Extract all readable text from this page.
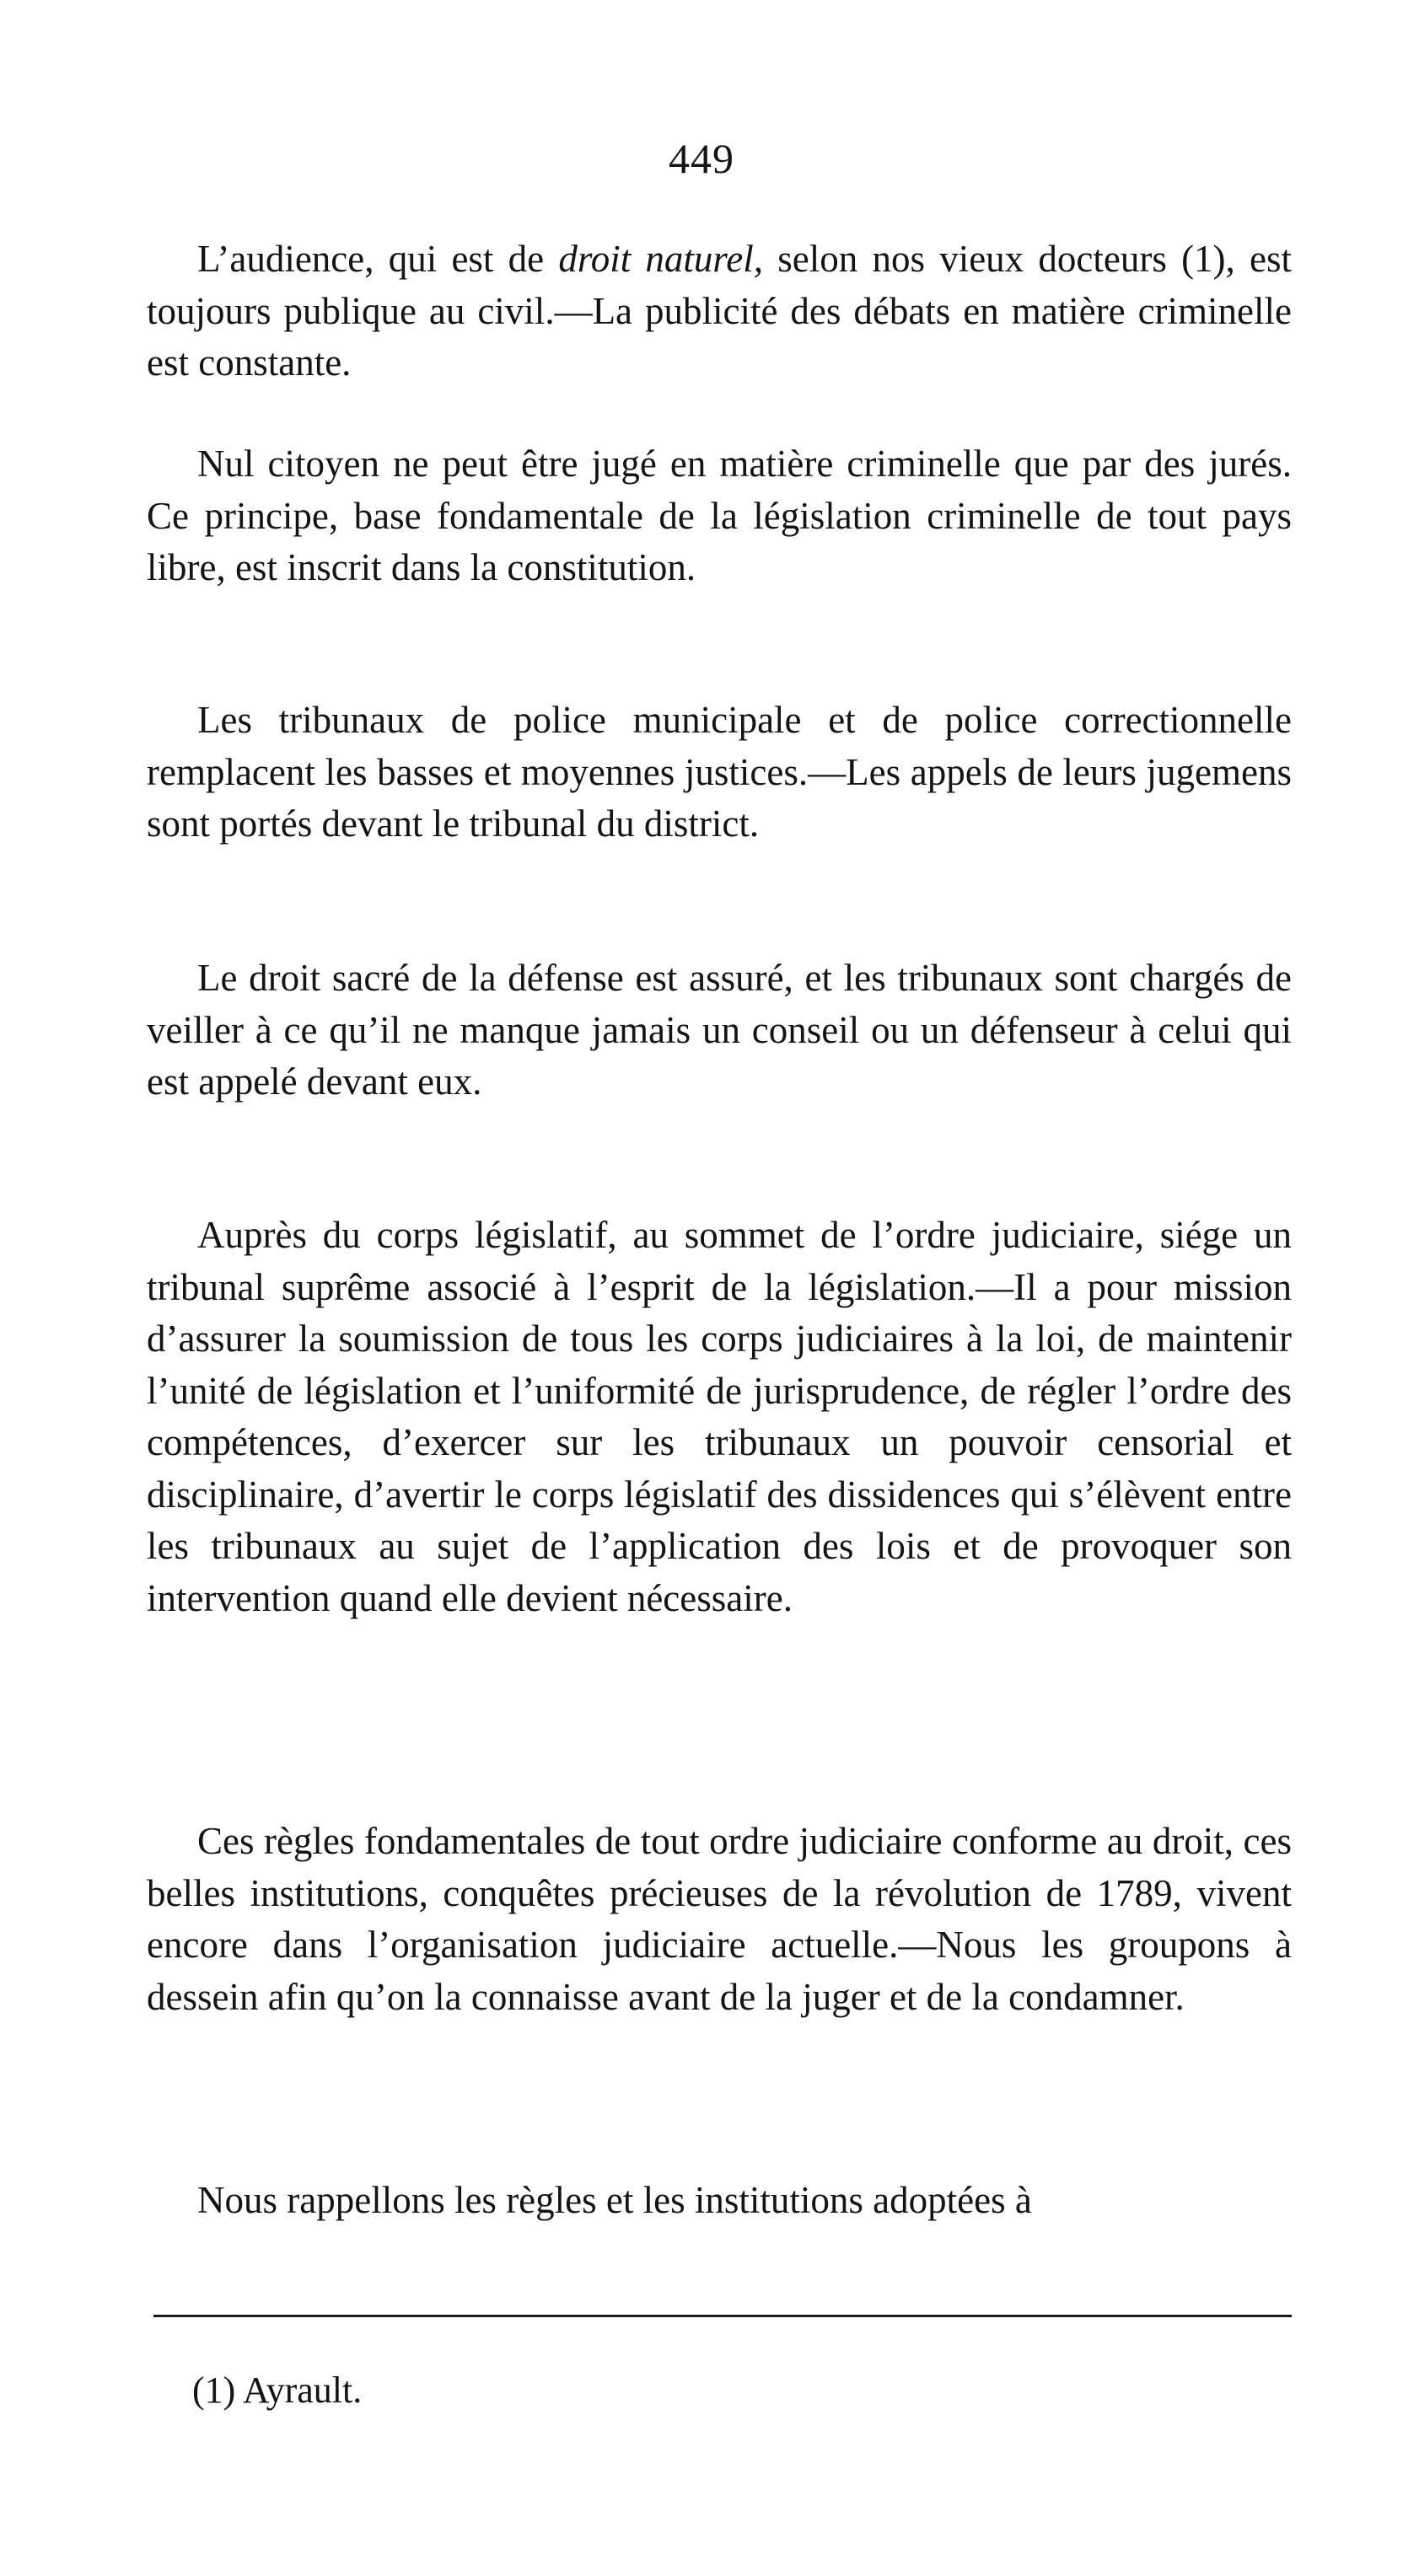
449

L’audience, qui est de droit naturel, selon nos vieux docteurs (1), est toujours publique au civil.—La publicité des débats en matière criminelle est constante.

Nul citoyen ne peut être jugé en matière criminelle que par des jurés. Ce principe, base fondamentale de la législation criminelle de tout pays libre, est inscrit dans la constitution.

Les tribunaux de police municipale et de police correctionnelle remplacent les basses et moyennes justices.—Les appels de leurs jugemens sont portés devant le tribunal du district.

Le droit sacré de la défense est assuré, et les tribunaux sont chargés de veiller à ce qu’il ne manque jamais un conseil ou un défenseur à celui qui est appelé devant eux.

Auprès du corps législatif, au sommet de l’ordre judiciaire, siége un tribunal suprême associé à l’esprit de la législation.—Il a pour mission d’assurer la soumission de tous les corps judiciaires à la loi, de maintenir l’unité de législation et l’uniformité de jurisprudence, de régler l’ordre des compétences, d’exercer sur les tribunaux un pouvoir censorial et disciplinaire, d’avertir le corps législatif des dissidences qui s’élèvent entre les tribunaux au sujet de l’application des lois et de provoquer son intervention quand elle devient nécessaire.

Ces règles fondamentales de tout ordre judiciaire conforme au droit, ces belles institutions, conquêtes précieuses de la révolution de 1789, vivent encore dans l’organisation judiciaire actuelle.—Nous les groupons à dessein afin qu’on la connaisse avant de la juger et de la condamner.

Nous rappellons les règles et les institutions adoptées à

(1) Ayrault.
